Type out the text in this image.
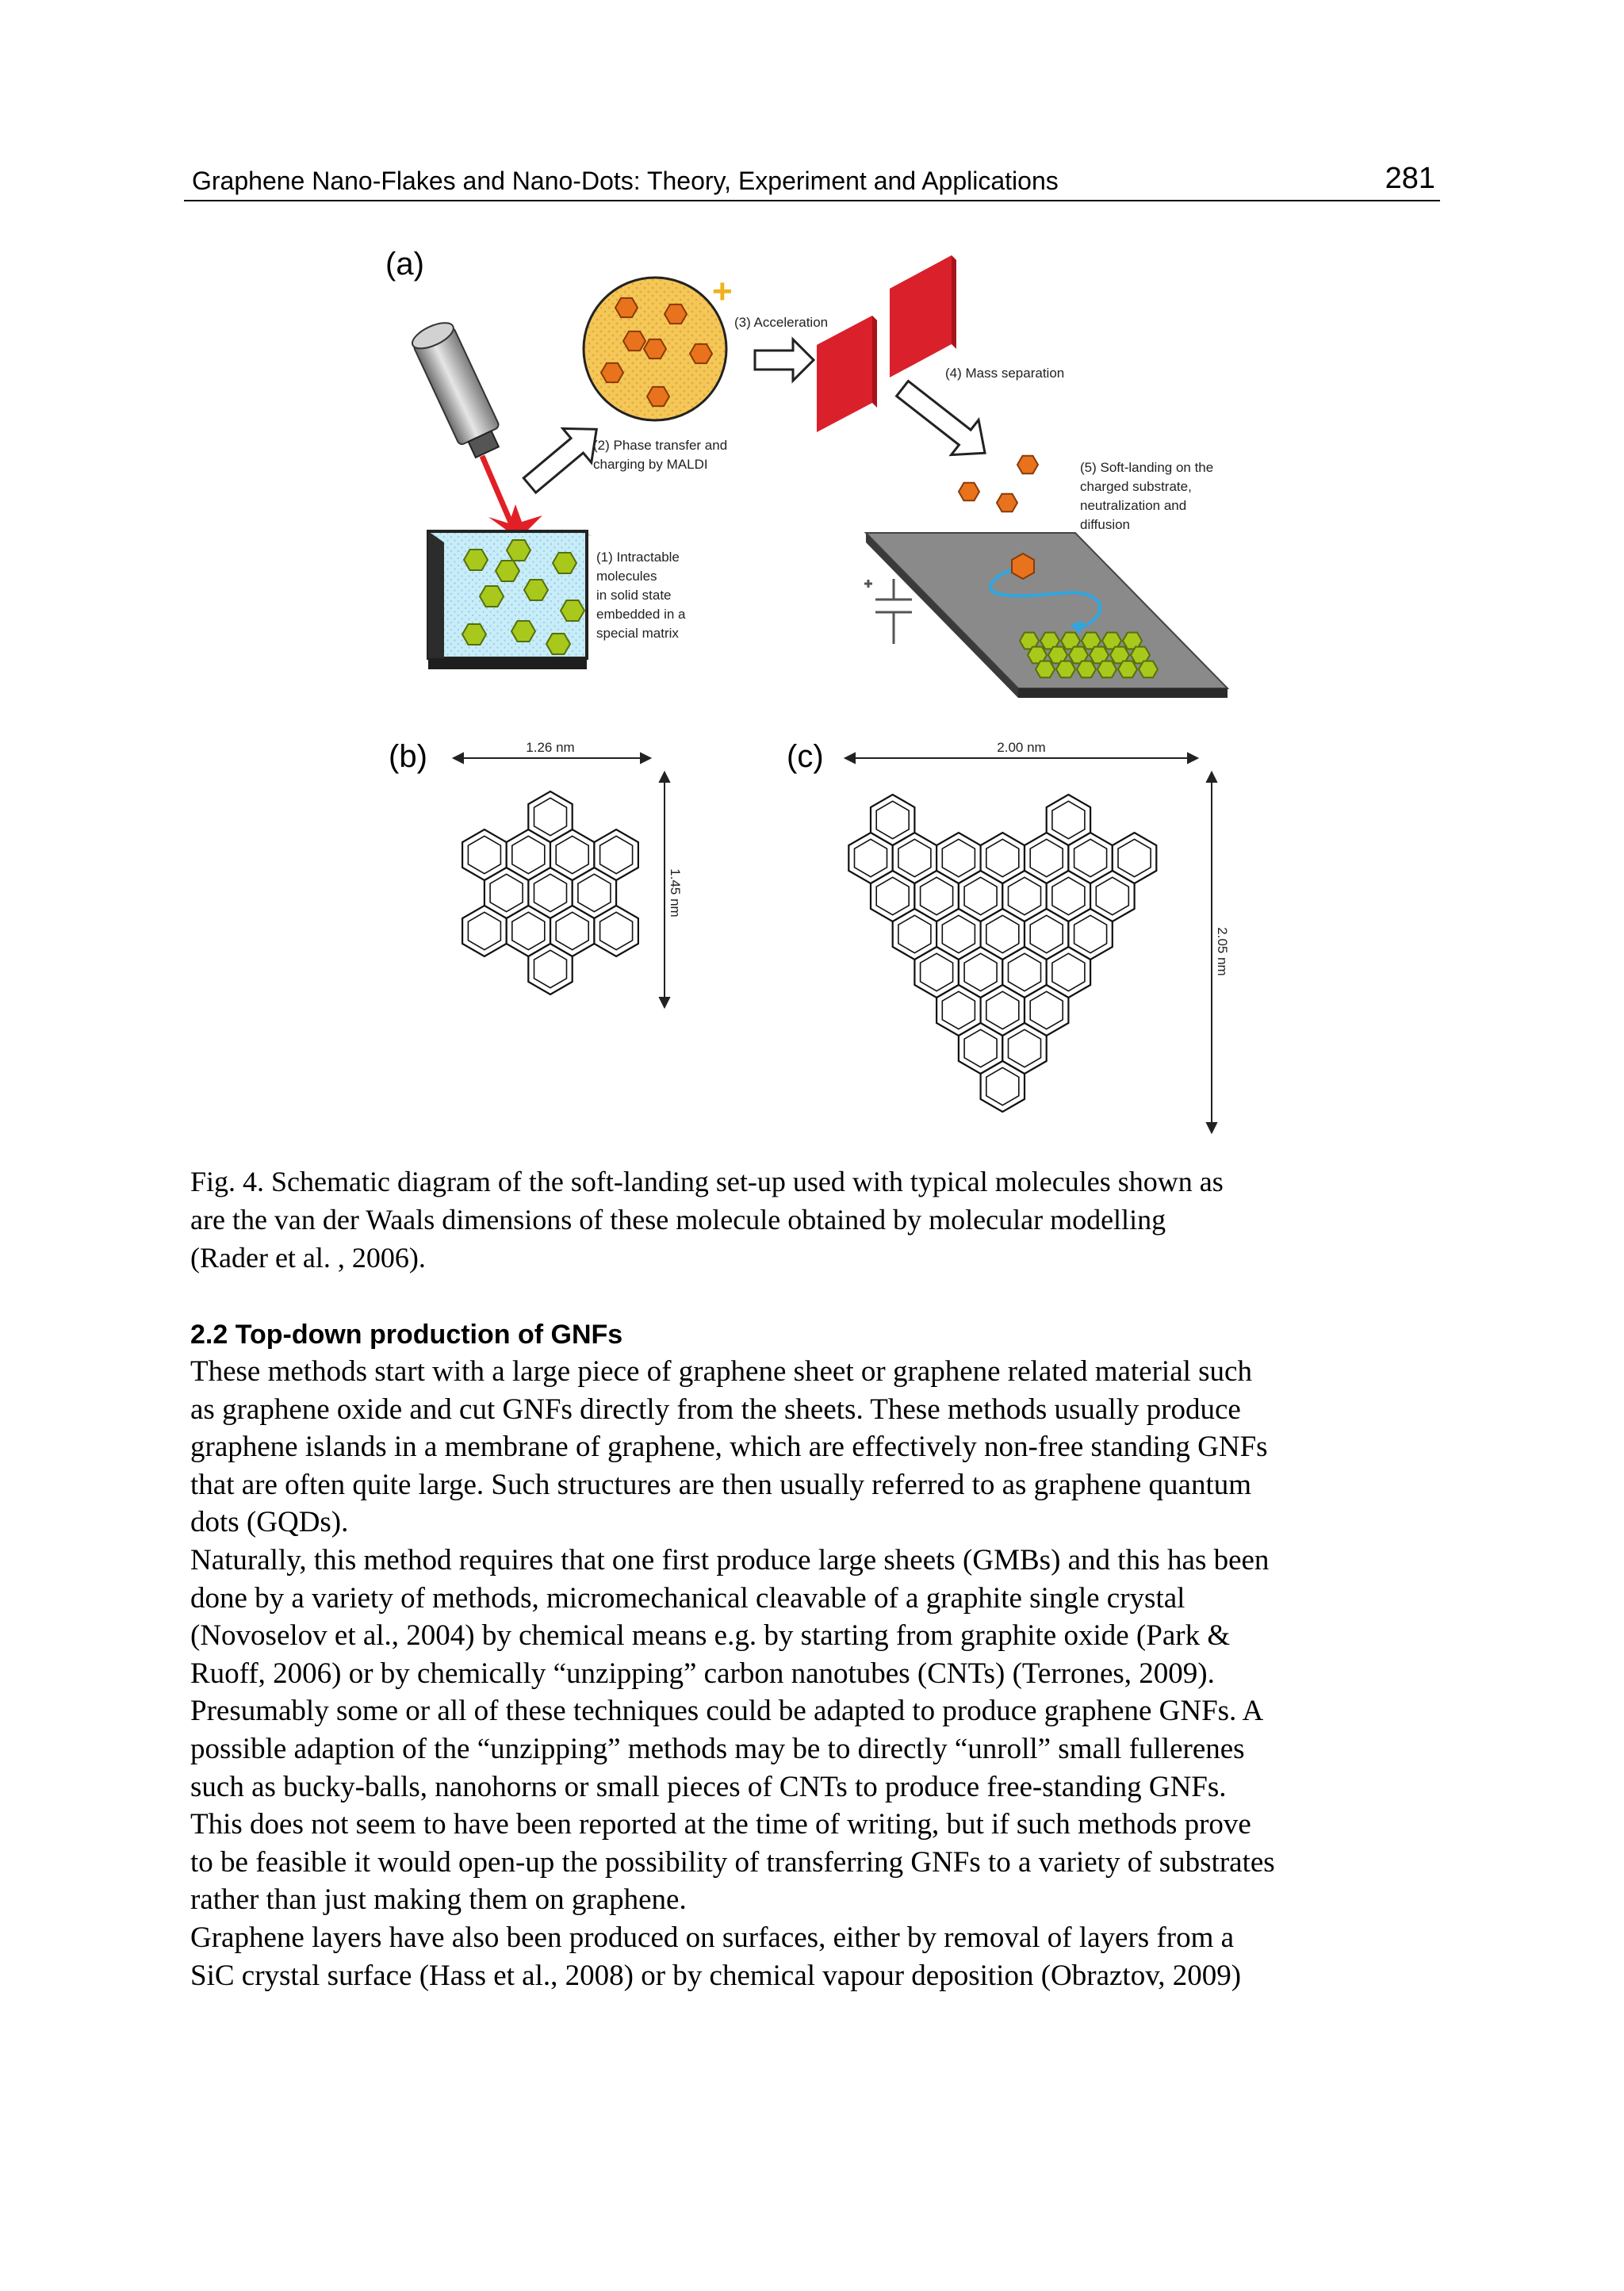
Graphene Nano-Flakes and Nano-Dots: Theory, Experiment and Applications	281
(a)
(b)	(c)
+
(2) Phase transfer and
charging by MALDI
(3) Acceleration
(4) Mass separation
(5) Soft-landing on the
charged substrate,
neutralization and
diffusion
(1) Intractable
molecules
in solid state
embedded in a
special matrix
1.26 nm
1.45 nm
2.00 nm
2.05 nm

Fig. 4. Schematic diagram of the soft-landing set-up used with typical molecules shown as

are the van der Waals dimensions of these molecule obtained by molecular modelling

(Rader et al. , 2006).

2.2 Top-down production of GNFs

These methods start with a large piece of graphene sheet or graphene related material such

as graphene oxide and cut GNFs directly from the sheets. These methods usually produce

graphene islands in a membrane of graphene, which are effectively non-free standing GNFs

that are often quite large. Such structures are then usually referred to as graphene quantum

dots (GQDs).

Naturally, this method requires that one first produce large sheets (GMBs) and this has been

done by a variety of methods, micromechanical cleavable of a graphite single crystal

(Novoselov et al., 2004) by chemical means e.g. by starting from graphite oxide (Park &

Ruoff, 2006) or by chemically “unzipping” carbon nanotubes (CNTs) (Terrones, 2009).

Presumably some or all of these techniques could be adapted to produce graphene GNFs. A

possible adaption of the “unzipping” methods may be to directly “unroll” small fullerenes

such as bucky-balls, nanohorns or small pieces of CNTs to produce free-standing GNFs.

This does not seem to have been reported at the time of writing, but if such methods prove

to be feasible it would open-up the possibility of transferring GNFs to a variety of substrates

rather than just making them on graphene.

Graphene layers have also been produced on surfaces, either by removal of layers from a

SiC crystal surface (Hass et al., 2008) or by chemical vapour deposition (Obraztov, 2009)
